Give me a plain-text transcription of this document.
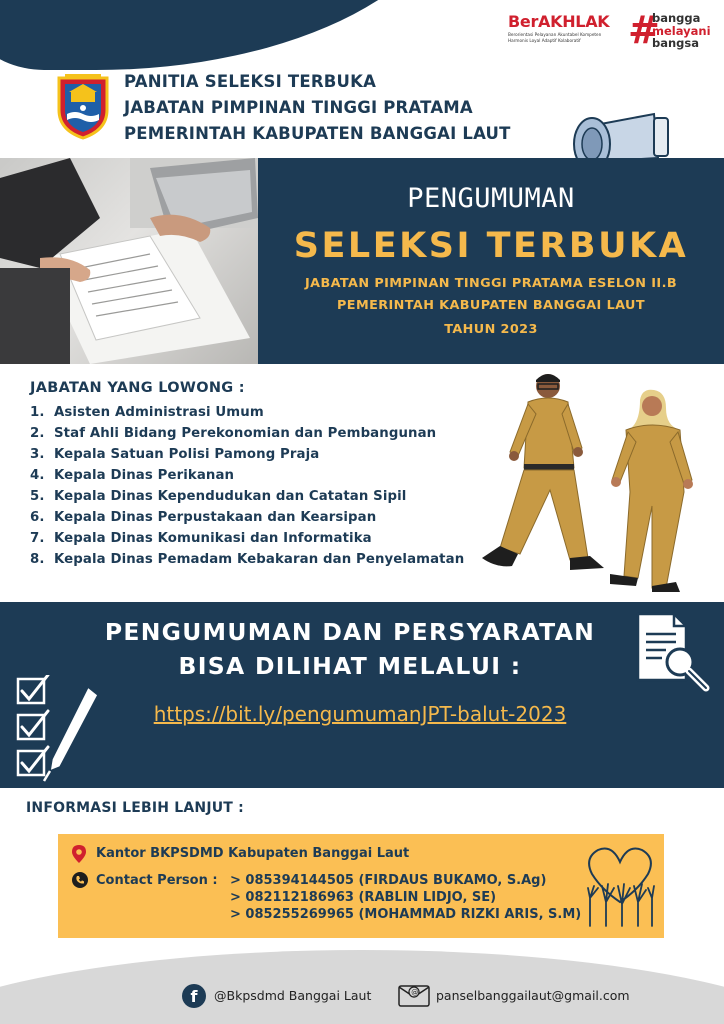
BerAKHLAK
Berorientasi Pelayanan Akuntabel Kompeten
Harmonis Loyal Adaptif Kolaboratif	#
bangga
melayani
bangsa
PANITIA SELEKSI TERBUKA
JABATAN PIMPINAN TINGGI PRATAMA
PEMERINTAH KABUPATEN BANGGAI LAUT
PENGUMUMAN
SELEKSI TERBUKA
JABATAN PIMPINAN TINGGI PRATAMA ESELON II.B
PEMERINTAH KABUPATEN BANGGAI LAUT
TAHUN 2023
JABATAN YANG LOWONG :
1. Asisten Administrasi Umum
2. Staf Ahli Bidang Perekonomian dan Pembangunan
3. Kepala Satuan Polisi Pamong Praja
4. Kepala Dinas Perikanan
5. Kepala Dinas Kependudukan dan Catatan Sipil
6. Kepala Dinas Perpustakaan dan Kearsipan
7. Kepala Dinas Komunikasi dan Informatika
8. Kepala Dinas Pemadam Kebakaran dan Penyelamatan
PENGUMUMAN DAN PERSYARATAN
BISA DILIHAT MELALUI :
https://bit.ly/pengumumanJPT-balut-2023
INFORMASI LEBIH LANJUT :
Kantor BKPSDMD Kabupaten Banggai Laut
Contact Person : > 085394144505 (FIRDAUS BUKAMO, S.Ag)
> 082112186963 (RABLIN LIDJO, SE)
> 085255269965 (MOHAMMAD RIZKI ARIS, S.M)
f	@Bkpsdmd Banggai Laut	@ panselbanggailaut@gmail.com
